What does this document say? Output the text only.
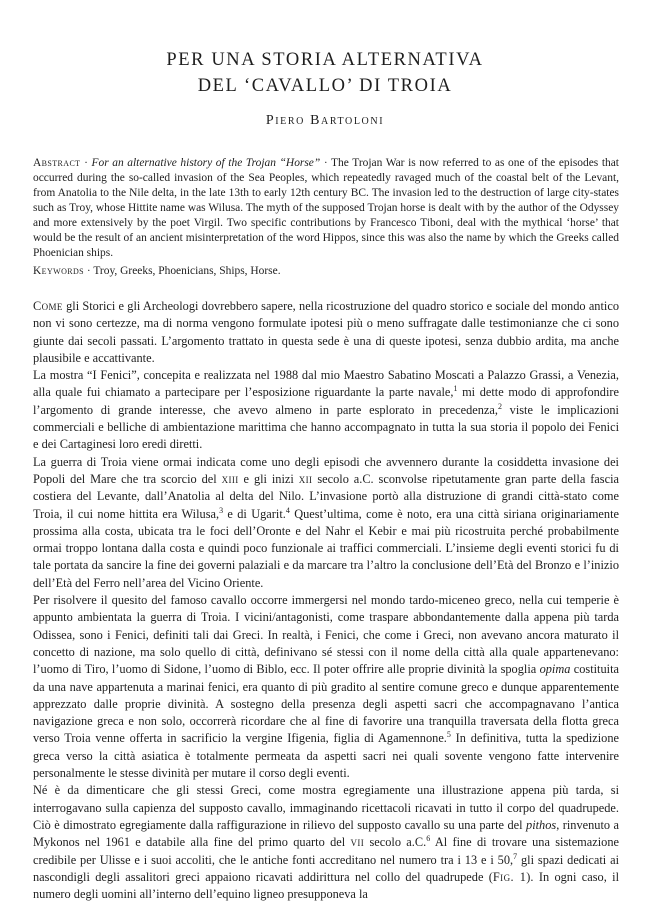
PER UNA STORIA ALTERNATIVA
DEL ‘CAVALLO’ DI TROIA
Piero Bartoloni
Abstract · For an alternative history of the Trojan “Horse” · The Trojan War is now referred to as one of the episodes that occurred during the so-called invasion of the Sea Peoples, which repeatedly ravaged much of the coastal belt of the Levant, from Anatolia to the Nile delta, in the late 13th to early 12th century BC. The invasion led to the destruction of large city-states such as Troy, whose Hittite name was Wilusa. The myth of the supposed Trojan horse is dealt with by the author of the Odyssey and more extensively by the poet Virgil. Two specific contributions by Francesco Tiboni, deal with the mythical ‘horse’ that would be the result of an ancient misinterpretation of the word Hippos, since this was also the name by which the Greeks called Phoenician ships.
Keywords · Troy, Greeks, Phoenicians, Ships, Horse.

Come gli Storici e gli Archeologi dovrebbero sapere, nella ricostruzione del quadro storico e sociale del mondo antico non vi sono certezze, ma di norma vengono formulate ipotesi più o meno suffragate dalle testimonianze che ci sono giunte dai secoli passati. L’argomento trattato in questa sede è una di queste ipotesi, senza dubbio ardita, ma anche plausibile e accattivante.

La mostra “I Fenici”, concepita e realizzata nel 1988 dal mio Maestro Sabatino Moscati a Palazzo Grassi, a Venezia, alla quale fui chiamato a partecipare per l’esposizione riguardante la parte navale,$^1$ mi dette modo di approfondire l’argomento di grande interesse, che avevo almeno in parte esplorato in precedenza,$^2$ viste le implicazioni commerciali e belliche di ambientazione marittima che hanno accompagnato in tutta la sua storia il popolo dei Fenici e dei Cartaginesi loro eredi diretti.

La guerra di Troia viene ormai indicata come uno degli episodi che avvennero durante la cosiddetta invasione dei Popoli del Mare che tra scorcio del xiii e gli inizi xii secolo a.C. sconvolse ripetutamente gran parte della fascia costiera del Levante, dall’Anatolia al delta del Nilo. L’invasione portò alla distruzione di grandi città-stato come Troia, il cui nome hittita era Wilusa,$^3$ e di Ugarit.$^4$ Quest’ultima, come è noto, era una città siriana originariamente prossima alla costa, ubicata tra le foci dell’Oronte e del Nahr el Kebir e mai più ricostruita perché probabilmente ormai troppo lontana dalla costa e quindi poco funzionale ai traffici commerciali. L’insieme degli eventi storici fu di tale portata da sancire la fine dei governi palaziali e da marcare tra l’altro la conclusione dell’Età del Bronzo e l’inizio dell’Età del Ferro nell’area del Vicino Oriente.

Per risolvere il quesito del famoso cavallo occorre immergersi nel mondo tardo-miceneo greco, nella cui temperie è appunto ambientata la guerra di Troia. I vicini/antagonisti, come traspare abbondantemente dalla appena più tarda Odissea, sono i Fenici, definiti tali dai Greci. In realtà, i Fenici, che come i Greci, non avevano ancora maturato il concetto di nazione, ma solo quello di città, definivano sé stessi con il nome della città alla quale appartenevano: l’uomo di Tiro, l’uomo di Sidone, l’uomo di Biblo, ecc. Il poter offrire alle proprie divinità la spoglia opima costituita da una nave appartenuta a marinai fenici, era quanto di più gradito al sentire comune greco e dunque apparentemente apprezzato dalle proprie divinità. A sostegno della presenza degli aspetti sacri che accompagnavano l’antica navigazione greca e non solo, occorrerà ricordare che al fine di favorire una tranquilla traversata della flotta greca verso Troia venne offerta in sacrificio la vergine Ifigenia, figlia di Agamennone.$^5$ In definitiva, tutta la spedizione greca verso la città asiatica è totalmente permeata da aspetti sacri nei quali sovente vengono fatte intervenire personalmente le stesse divinità per mutare il corso degli eventi.

Né è da dimenticare che gli stessi Greci, come mostra egregiamente una illustrazione appena più tarda, si interrogavano sulla capienza del supposto cavallo, immaginando ricettacoli ricavati in tutto il corpo del quadrupede. Ciò è dimostrato egregiamente dalla raffigurazione in rilievo del supposto cavallo su una parte del pithos, rinvenuto a Mykonos nel 1961 e databile alla fine del primo quarto del vii secolo a.C.$^6$ Al fine di trovare una sistemazione credibile per Ulisse e i suoi accoliti, che le antiche fonti accreditano nel numero tra i 13 e i 50,$^7$ gli spazi dedicati ai nascondigli degli assalitori greci appaiono ricavati addirittura nel collo del quadrupede (Fig. 1). In ogni caso, il numero degli uomini all’interno dell’equino ligneo presupponeva la
